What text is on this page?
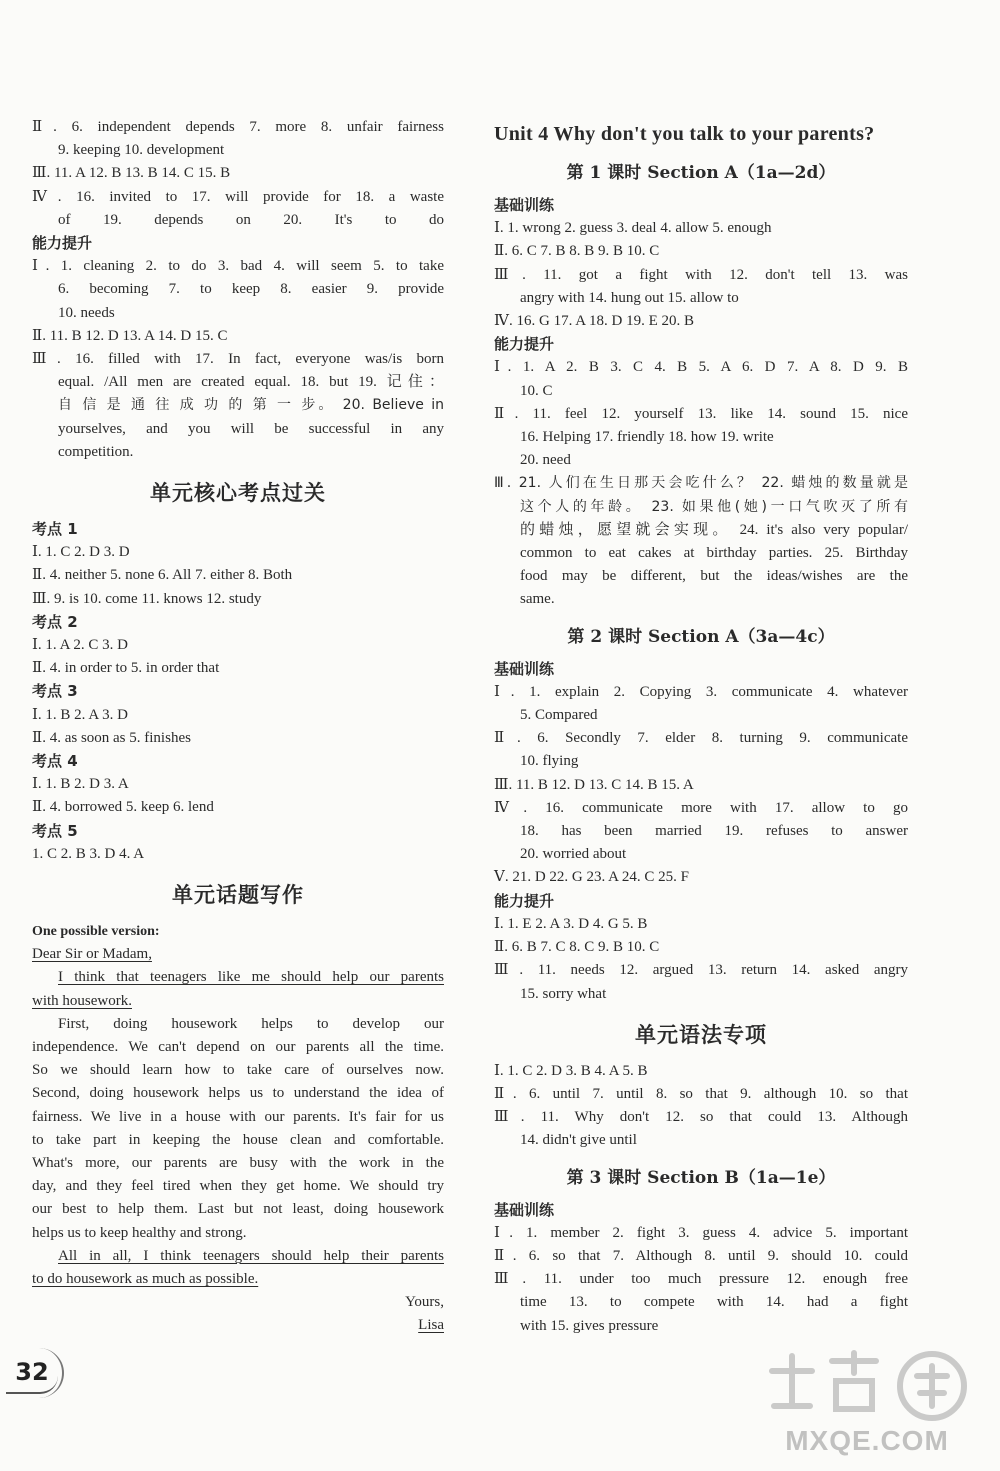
Ⅱ. 6. independent depends 7. more 8. unfair fairness
9. keeping 10. development
Ⅲ. 11. A 12. B 13. B 14. C 15. B
Ⅳ. 16. invited to 17. will provide for 18. a waste
of 19. depends on 20. It's to do
能力提升
Ⅰ. 1. cleaning 2. to do 3. bad 4. will seem 5. to take
6. becoming 7. to keep 8. easier 9. provide
10. needs
Ⅱ. 11. B 12. D 13. A 14. D 15. C
Ⅲ. 16. filled with 17. In fact, everyone was/is born
equal. /All men are created equal. 18. but 19. 记住：
自 信 是 通 往 成 功 的 第 一 步。 20. Believe in
yourselves, and you will be successful in any
competition.
单元核心考点过关
考点 1
Ⅰ. 1. C 2. D 3. D
Ⅱ. 4. neither 5. none 6. All 7. either 8. Both
Ⅲ. 9. is 10. come 11. knows 12. study
考点 2
Ⅰ. 1. A 2. C 3. D
Ⅱ. 4. in order to 5. in order that
考点 3
Ⅰ. 1. B 2. A 3. D
Ⅱ. 4. as soon as 5. finishes
考点 4
Ⅰ. 1. B 2. D 3. A
Ⅱ. 4. borrowed 5. keep 6. lend
考点 5
1. C 2. B 3. D 4. A
单元话题写作
One possible version:
Dear Sir or Madam,
I think that teenagers like me should help our parents
with housework.
First, doing housework helps to develop our
independence. We can't depend on our parents all the time.
So we should learn how to take care of ourselves now.
Second, doing housework helps us to understand the idea of
fairness. We live in a house with our parents. It's fair for us
to take part in keeping the house clean and comfortable.
What's more, our parents are busy with the work in the
day, and they feel tired when they get home. We should try
our best to help them. Last but not least, doing housework
helps us to keep healthy and strong.
All in all, I think teenagers should help their parents
to do housework as much as possible.
Yours,
Lisa
Unit 4 Why don't you talk to your parents?
第 1 课时 Section A（1a—2d）
基础训练
Ⅰ. 1. wrong 2. guess 3. deal 4. allow 5. enough
Ⅱ. 6. C 7. B 8. B 9. B 10. C
Ⅲ. 11. got a fight with 12. don't tell 13. was
angry with 14. hung out 15. allow to
Ⅳ. 16. G 17. A 18. D 19. E 20. B
能力提升
Ⅰ. 1. A 2. B 3. C 4. B 5. A 6. D 7. A 8. D 9. B
10. C
Ⅱ. 11. feel 12. yourself 13. like 14. sound 15. nice
16. Helping 17. friendly 18. how 19. write
20. need
Ⅲ. 21. 人们在生日那天会吃什么？ 22. 蜡烛的数量就是
这个人的年龄。 23. 如果他(她)一口气吹灭了所有
的蜡烛，愿望就会实现。 24. it's also very popular/
common to eat cakes at birthday parties. 25. Birthday
food may be different, but the ideas/wishes are the
same.
第 2 课时 Section A（3a—4c）
基础训练
Ⅰ. 1. explain 2. Copying 3. communicate 4. whatever
5. Compared
Ⅱ. 6. Secondly 7. elder 8. turning 9. communicate
10. flying
Ⅲ. 11. B 12. D 13. C 14. B 15. A
Ⅳ. 16. communicate more with 17. allow to go
18. has been married 19. refuses to answer
20. worried about
Ⅴ. 21. D 22. G 23. A 24. C 25. F
能力提升
Ⅰ. 1. E 2. A 3. D 4. G 5. B
Ⅱ. 6. B 7. C 8. C 9. B 10. C
Ⅲ. 11. needs 12. argued 13. return 14. asked angry
15. sorry what
单元语法专项
Ⅰ. 1. C 2. D 3. B 4. A 5. B
Ⅱ. 6. until 7. until 8. so that 9. although 10. so that
Ⅲ. 11. Why don't 12. so that could 13. Although
14. didn't give until
第 3 课时 Section B（1a—1e）
基础训练
Ⅰ. 1. member 2. fight 3. guess 4. advice 5. important
Ⅱ. 6. so that 7. Although 8. until 9. should 10. could
Ⅲ. 11. under too much pressure 12. enough free
time 13. to compete with 14. had a fight
with 15. gives pressure
32
MXQE.COM
